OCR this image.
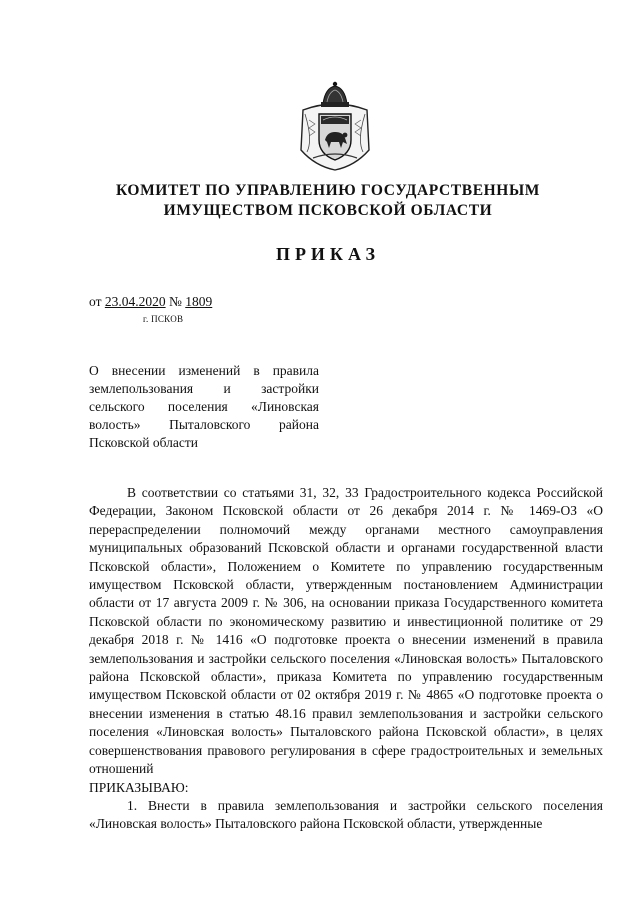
КОМИТЕТ ПО УПРАВЛЕНИЮ ГОСУДАРСТВЕННЫМ
ИМУЩЕСТВОМ ПСКОВСКОЙ ОБЛАСТИ
ПРИКАЗ
от 23.04.2020 № 1809
г. ПСКОВ
О внесении изменений в правила землепользования и застройки сельского поселения «Линовская волость» Пыталовского района Псковской области

В соответствии со статьями 31, 32, 33 Градостроительного кодекса Российской Федерации, Законом Псковской области от 26 декабря 2014 г. № 1469-ОЗ «О перераспределении полномочий между органами местного самоуправления муниципальных образований Псковской области и органами государственной власти Псковской области», Положением о Комитете по управлению государственным имуществом Псковской области, утвержденным постановлением Администрации области от 17 августа 2009 г. № 306, на основании приказа Государственного комитета Псковской области по экономическому развитию и инвестиционной политике от 29 декабря 2018 г. № 1416 «О подготовке проекта о внесении изменений в правила землепользования и застройки сельского поселения «Линовская волость» Пыталовского района Псковской области», приказа Комитета по управлению государственным имуществом Псковской области от 02 октября 2019 г. № 4865 «О подготовке проекта о внесении изменения в статью 48.16 правил землепользования и застройки сельского поселения «Линовская волость» Пыталовского района Псковской области», в целях совершенствования правового регулирования в сфере градостроительных и земельных отношений

ПРИКАЗЫВАЮ:

1. Внести в правила землепользования и застройки сельского поселения «Линовская волость» Пыталовского района Псковской области, утвержденные
